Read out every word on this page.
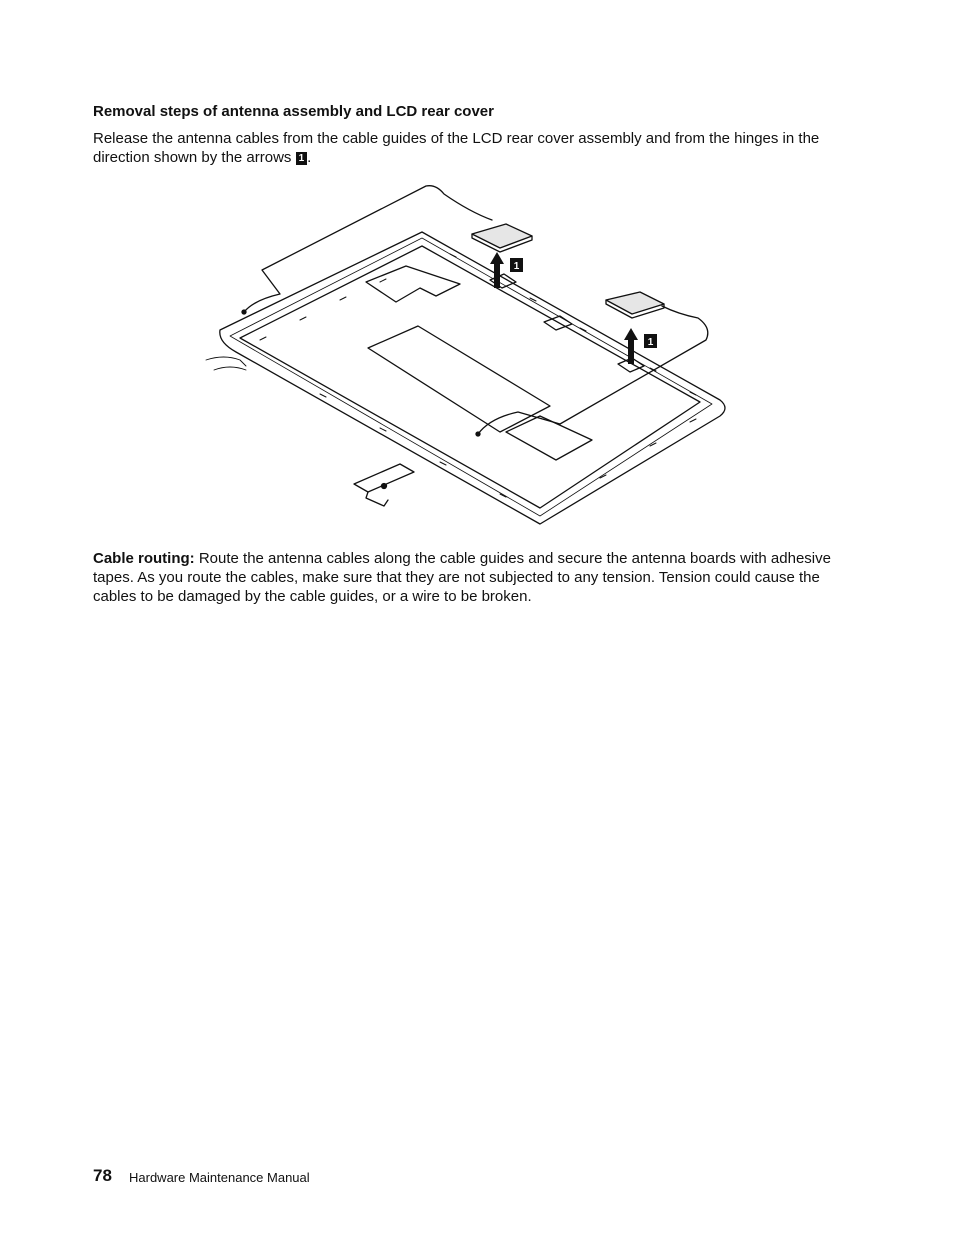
Removal steps of antenna assembly and LCD rear cover

Release the antenna cables from the cable guides of the LCD rear cover assembly and from the hinges in the direction shown by the arrows 1 .

1
1

Cable routing: Route the antenna cables along the cable guides and secure the antenna boards with adhesive tapes. As you route the cables, make sure that they are not subjected to any tension. Tension could cause the cables to be damaged by the cable guides, or a wire to be broken.

78 Hardware Maintenance Manual
